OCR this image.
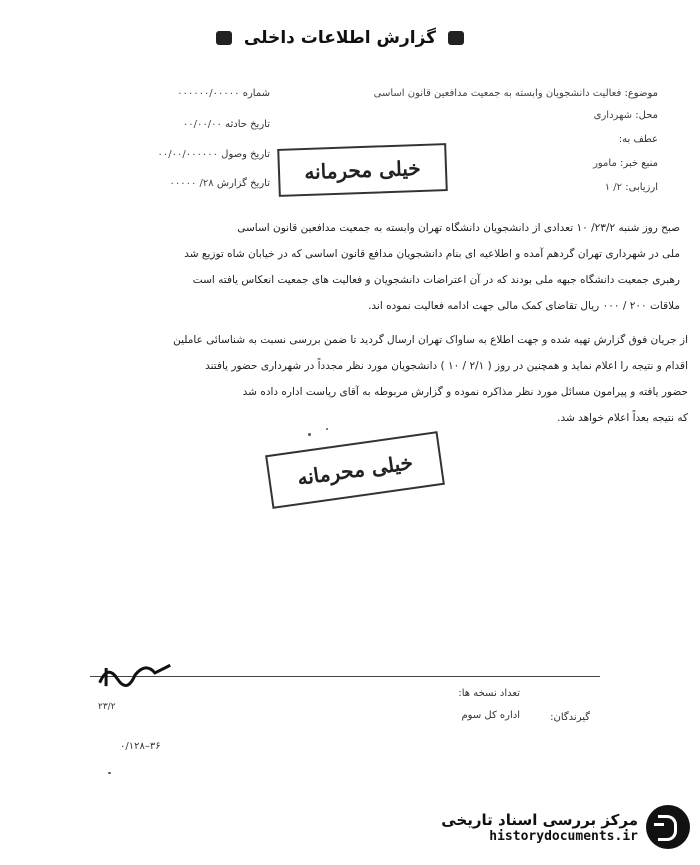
گزارش اطلاعات داخلی
شماره ۰۰۰۰۰۰/۰۰۰۰۰
تاریخ حادثه ۰۰/۰۰/۰۰
تاریخ وصول ۰۰/۰۰/۰۰۰۰۰۰
تاریخ گزارش ۲۸/ ۰۰۰۰۰
موضوع: فعالیت دانشجویان وابسته به جمعیت مدافعین قانون اساسی
محل: شهرداری
عطف به:
منبع خبر: مامور
ارزیابی: ۲/ ۱
خیلی محرمانه
صبح روز شنبه ۲۳/۲/ ۱۰ تعدادی از دانشجویان دانشگاه تهران وابسته به جمعیت مدافعین قانون اساسی
ملی در شهرداری تهران گردهم آمده و اطلاعیه ای بنام دانشجویان مدافع قانون اساسی که در خیابان شاه توزیع شد
رهبری جمعیت دانشگاه جبهه ملی بودند که در آن اعتراضات دانشجویان و فعالیت های جمعیت انعکاس یافته است
ملاقات ۲۰۰ / ۰۰۰ ریال تقاضای کمک مالی جهت ادامه فعالیت نموده اند.
از جریان فوق گزارش تهیه شده و جهت اطلاع به ساواک تهران ارسال گردید تا ضمن بررسی نسبت به شناسائی عاملین
اقدام و نتیجه را اعلام نماید و همچنین در روز ( ۲/۱ / ۱۰ ) دانشجویان مورد نظر مجدداً در شهرداری حضور یافتند
حضور یافته و پیرامون مسائل مورد نظر مذاکره نموده و گزارش مربوطه به آقای ریاست اداره داده شد
که نتیجه بعداً اعلام خواهد شد.
خیلی محرمانه
تعداد نسخه ها:
گیرندگان:
اداره کل سوم
۰/۱۲۸–۳۶
۲۳/۲
مرکز بررسی اسناد تاریخی
historydocuments.ir
